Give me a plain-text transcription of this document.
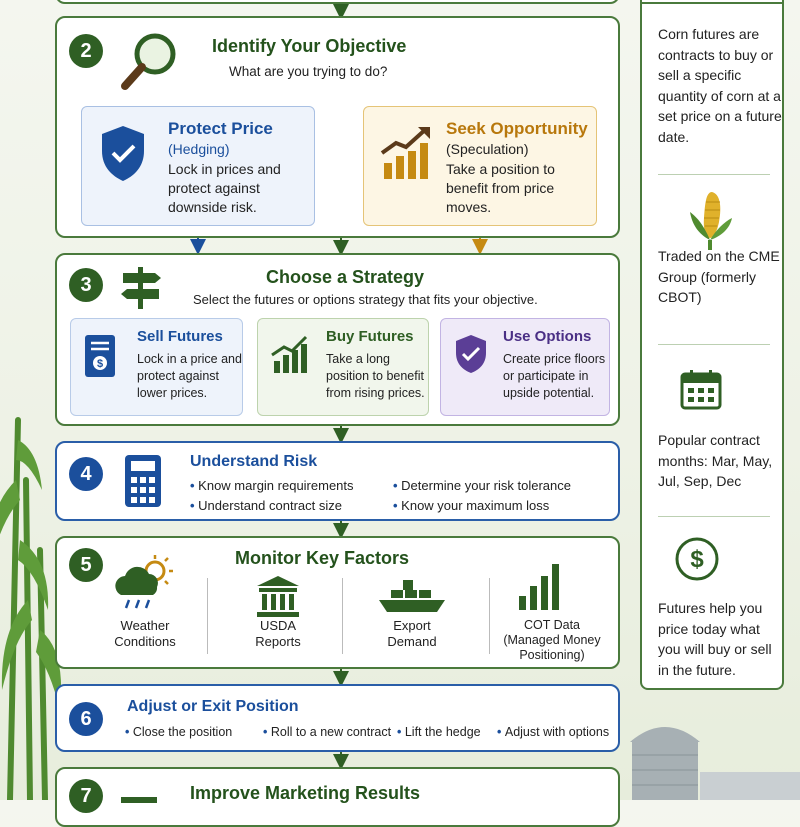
2	Identify Your Objective
What are you trying to do?
Protect Price
(Hedging)
Lock in prices and protect against downside risk.
Seek Opportunity
(Speculation)
Take a position to benefit from price moves.
3	Choose a Strategy
Select the futures or options strategy that fits your objective.
$
Sell Futures
Lock in a price and protect against lower prices.
Buy Futures
Take a long position to benefit from rising prices.
Use Options
Create price floors or participate in upside potential.
4
Understand Risk
• Know margin requirements
• Understand contract size
• Determine your risk tolerance
• Know your maximum loss
5	Monitor Key Factors
Weather Conditions
USDA Reports
Export Demand
COT Data (Managed Money Positioning)
6
Adjust or Exit Position
• Close the position	• Roll to a new contract	• Lift the hedge	• Adjust with options
7	Improve Marketing Results
Corn futures are contracts to buy or sell a specific quantity of corn at a set price on a future date.
Traded on the CME Group (formerly CBOT)
Popular contract months: Mar, May, Jul, Sep, Dec
$
Futures help you price today what you will buy or sell in the future.
